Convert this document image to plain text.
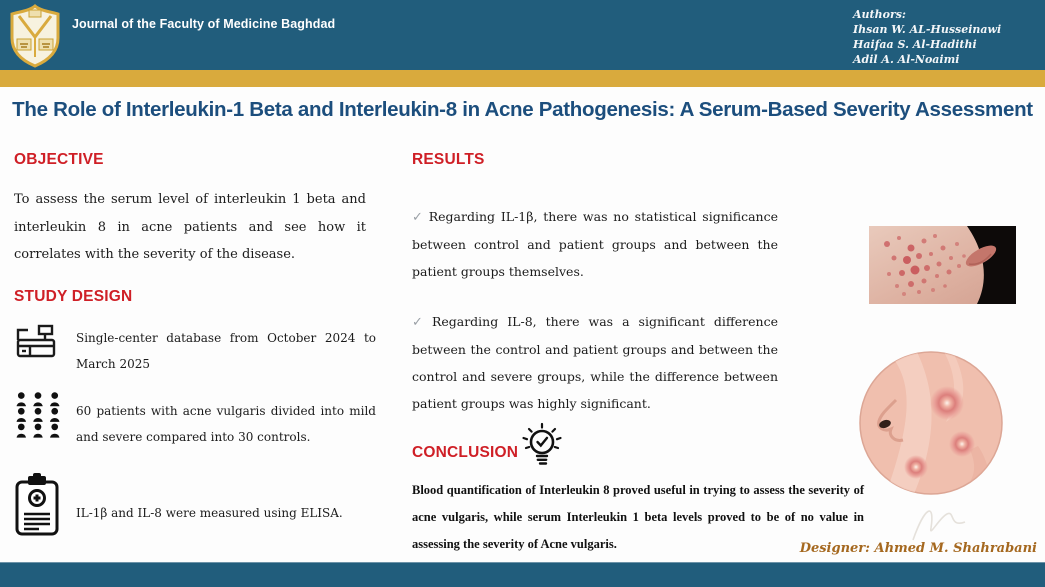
Journal of the Faculty of Medicine Baghdad
Authors:
Ihsan W. AL-Husseinawi
Haifaa S. Al-Hadithi
Adil A. Al-Noaimi
The Role of Interleukin-1 Beta and Interleukin-8 in Acne Pathogenesis: A Serum-Based Severity Assessment
OBJECTIVE
To assess the serum level of interleukin 1 beta and interleukin 8 in acne patients and see how it correlates with the severity of the disease.
STUDY DESIGN
Single-center database from October 2024 to March 2025
60 patients with acne vulgaris divided into mild and severe compared into 30 controls.
IL-1β and IL-8 were measured using ELISA.
RESULTS
✓ Regarding IL-1β, there was no statistical significance between control and patient groups and between the patient groups themselves.
✓ Regarding IL-8, there was a significant difference between the control and patient groups and between the control and severe groups, while the difference between patient groups was highly significant.
CONCLUSION
Blood quantification of Interleukin 8 proved useful in trying to assess the severity of acne vulgaris, while serum Interleukin 1 beta levels proved to be of no value in assessing the severity of Acne vulgaris.	Designer: Ahmed M. Shahrabani
